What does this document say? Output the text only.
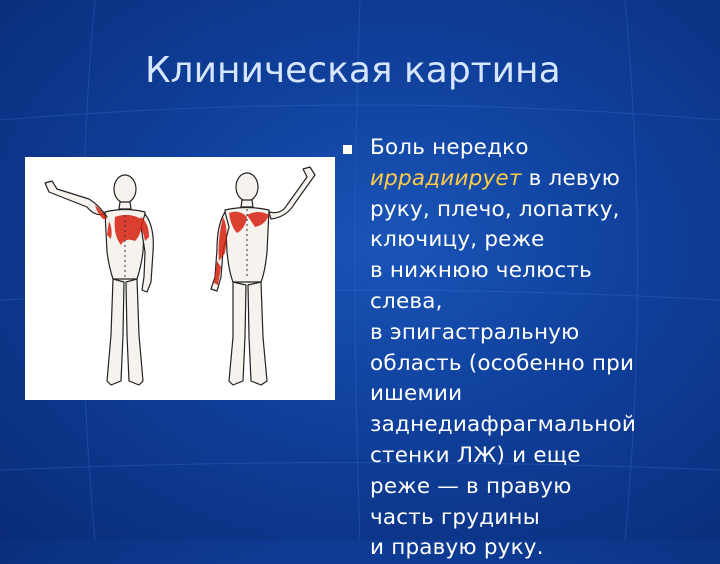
Клиническая картина
Боль нередко
иррадиирует в левую
руку, плечо, лопатку,
ключицу, реже
в нижнюю челюсть
слева,
в эпигастральную
область (особенно при
ишемии
заднедиафрагмальной
стенки ЛЖ) и еще
реже — в правую
часть грудины
и правую руку.
